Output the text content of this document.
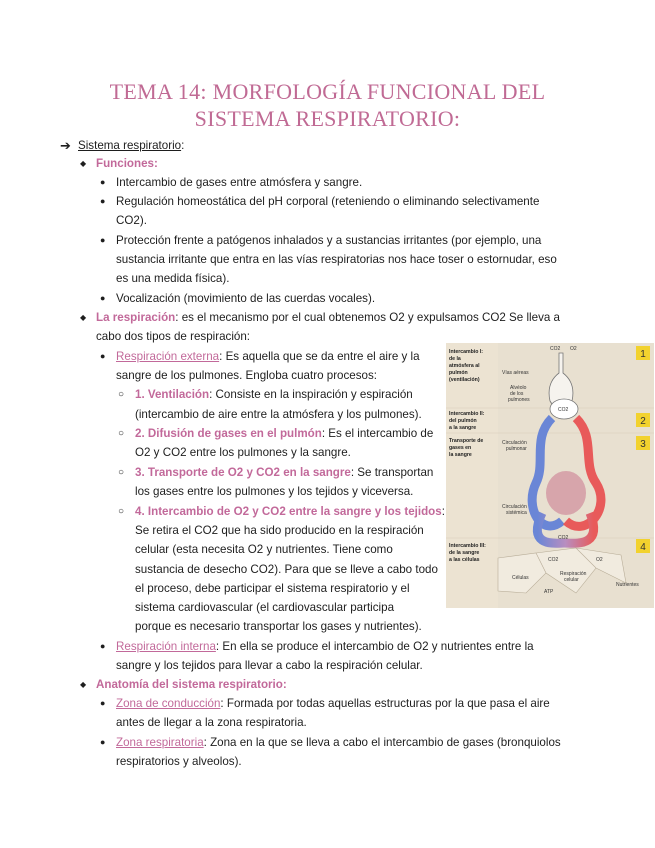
TEMA 14: MORFOLOGÍA FUNCIONAL DEL
SISTEMA RESPIRATORIO:
➔ Sistema respiratorio:
◆ Funciones:
● Intercambio de gases entre atmósfera y sangre.
● Regulación homeostática del pH corporal (reteniendo o eliminando selectivamente
CO2).
● Protección frente a patógenos inhalados y a sustancias irritantes (por ejemplo, una
sustancia irritante que entra en las vías respiratorias nos hace toser o estornudar, eso
es una medida física).
● Vocalización (movimiento de las cuerdas vocales).
◆ La respiración: es el mecanismo por el cual obtenemos O2 y expulsamos CO2 Se lleva a
cabo dos tipos de respiración:
● Respiración externa: Es aquella que se da entre el aire y la
sangre de los pulmones. Engloba cuatro procesos:
○ 1. Ventilación: Consiste en la inspiración y espiración
(intercambio de aire entre la atmósfera y los pulmones).
○ 2. Difusión de gases en el pulmón: Es el intercambio de
O2 y CO2 entre los pulmones y la sangre.
○ 3. Transporte de O2 y CO2 en la sangre: Se transportan
los gases entre los pulmones y los tejidos y viceversa.
○ 4. Intercambio de O2 y CO2 entre la sangre y los tejidos:
Se retira el CO2 que ha sido producido en la respiración
celular (esta necesita O2 y nutrientes. Tiene como
sustancia de desecho CO2). Para que se lleve a cabo todo
el proceso, debe participar el sistema respiratorio y el
sistema cardiovascular (el cardiovascular participa
porque es necesario transportar los gases y nutrientes).
● Respiración interna: En ella se produce el intercambio de O2 y nutrientes entre la
sangre y los tejidos para llevar a cabo la respiración celular.
◆ Anatomía del sistema respiratorio:
● Zona de conducción: Formada por todas aquellas estructuras por la que pasa el aire
antes de llegar a la zona respiratoria.
● Zona respiratoria: Zona en la que se lleva a cabo el intercambio de gases (bronquiolos
respiratorios y alveolos).
1
2
3
4
Intercambio I:
de la
atmósfera al
pulmón
(ventilación)
Intercambio II:
del pulmón
a la sangre
Transporte de
gases en
la sangre
Intercambio III:
de la sangre
a las células
Vías aéreas
Alvéolo
de los
pulmones
Circulación
pulmonar
Circulación
sistémica
CO2 O2
CO2
CO2
CO2	O2
Respiración
celular
Células
Nutrientes
ATP
